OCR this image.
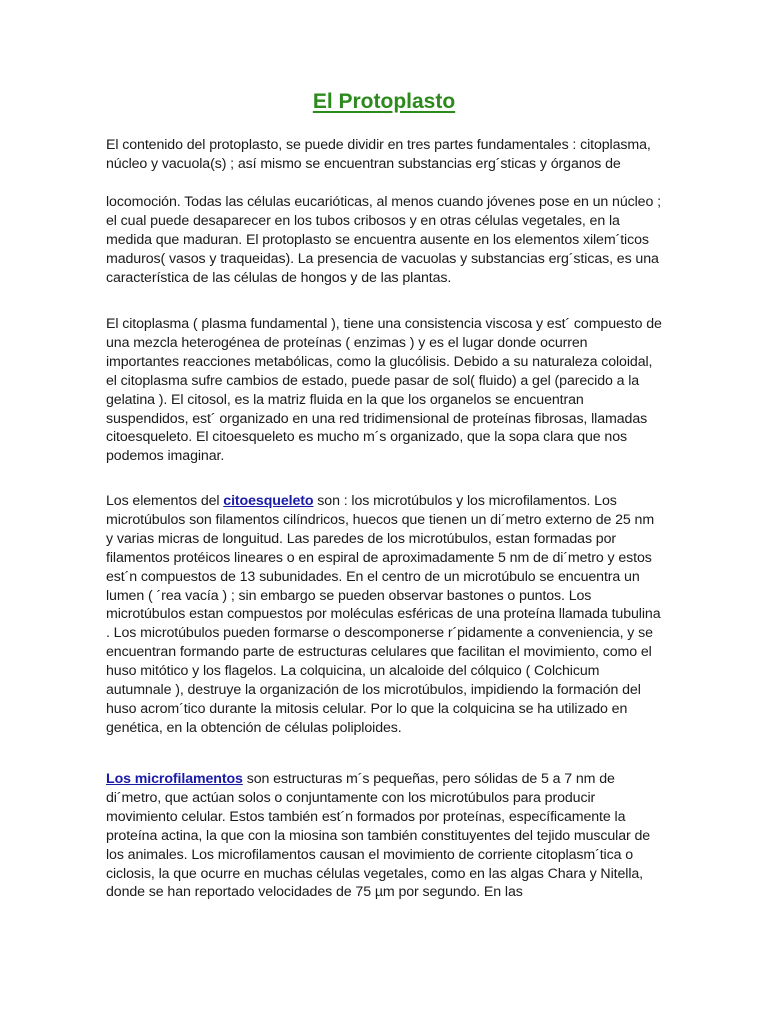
El Protoplasto

El contenido del protoplasto, se puede dividir en tres partes fundamentales : citoplasma,
núcleo y vacuola(s) ; así mismo se encuentran substancias erg´sticas y órganos de

locomoción. Todas las células eucarióticas, al menos cuando jóvenes pose en un núcleo ;
el cual puede desaparecer en los tubos cribosos y en otras células vegetales, en la
medida que maduran. El protoplasto se encuentra ausente en los elementos xilem´ticos
maduros( vasos y traqueidas). La presencia de vacuolas y substancias erg´sticas, es una
característica de las células de hongos y de las plantas.

El citoplasma ( plasma fundamental ), tiene una consistencia viscosa y est´ compuesto de
una mezcla heterogénea de proteínas ( enzimas ) y es el lugar donde ocurren
importantes reacciones metabólicas, como la glucólisis. Debido a su naturaleza coloidal,
el citoplasma sufre cambios de estado, puede pasar de sol( fluido) a gel (parecido a la
gelatina ). El citosol, es la matriz fluida en la que los organelos se encuentran
suspendidos, est´ organizado en una red tridimensional de proteínas fibrosas, llamadas
citoesqueleto. El citoesqueleto es mucho m´s organizado, que la sopa clara que nos
podemos imaginar.

Los elementos del citoesqueleto son : los microtúbulos y los microfilamentos. Los
microtúbulos son filamentos cilíndricos, huecos que tienen un di´metro externo de 25 nm
y varias micras de longuitud. Las paredes de los microtúbulos, estan formadas por
filamentos protéicos lineares o en espiral de aproximadamente 5 nm de di´metro y estos
est´n compuestos de 13 subunidades. En el centro de un microtúbulo se encuentra un
lumen ( ´rea vacía ) ; sin embargo se pueden observar bastones o puntos. Los
microtúbulos estan compuestos por moléculas esféricas de una proteína llamada tubulina
. Los microtúbulos pueden formarse o descomponerse r´pidamente a conveniencia, y se
encuentran formando parte de estructuras celulares que facilitan el movimiento, como el
huso mitótico y los flagelos. La colquicina, un alcaloide del cólquico ( Colchicum
autumnale ), destruye la organización de los microtúbulos, impidiendo la formación del
huso acrom´tico durante la mitosis celular. Por lo que la colquicina se ha utilizado en
genética, en la obtención de células poliploides.

Los microfilamentos son estructuras m´s pequeñas, pero sólidas de 5 a 7 nm de
di´metro, que actúan solos o conjuntamente con los microtúbulos para producir
movimiento celular. Estos también est´n formados por proteínas, específicamente la
proteína actina, la que con la miosina son también constituyentes del tejido muscular de
los animales. Los microfilamentos causan el movimiento de corriente citoplasm´tica o
ciclosis, la que ocurre en muchas células vegetales, como en las algas Chara y Nitella,
donde se han reportado velocidades de 75 µm por segundo. En las
